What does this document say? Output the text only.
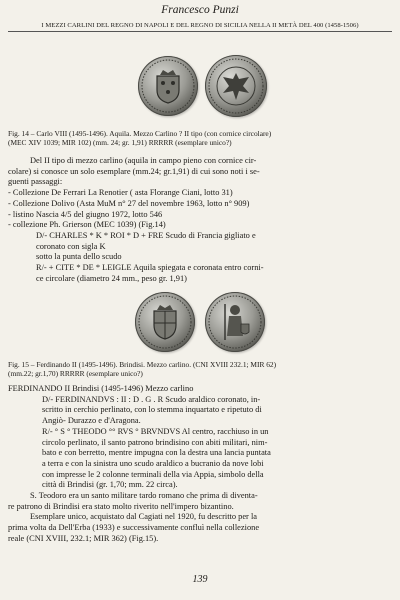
Francesco Punzi
I MEZZI CARLINI DEL REGNO DI NAPOLI E DEL REGNO DI SICILIA NELLA II METÀ DEL 400 (1458-1506)
Fig. 14 – Carlo VIII (1495-1496). Aquila. Mezzo Carlino ? II tipo (con cornice circolare)
(MEC XIV 1039; MIR 102) (mm. 24; gr. 1,91) RRRRR (esemplare unico?)
Del II tipo di mezzo carlino (aquila in campo pieno con cornice cir-
colare) si conosce un solo esemplare (mm.24; gr.1,91) di cui sono noti i se-
guenti passaggi:
- Collezione De Ferrari La Renotier ( asta Florange Ciani, lotto 31)
- Collezione Dolivo (Asta MuM n° 27 del novembre 1963, lotto n° 909)
- listino Nascia 4/5 del giugno 1972, lotto 546
- collezione Ph. Grierson (MEC 1039) (Fig.14)
D/- CHARLES * K * ROI * D + FRE Scudo di Francia gigliato e
coronato con sigla K
sotto la punta dello scudo
R/- + CITE * DE * LEIGLE Aquila spiegata e coronata entro corni-
ce circolare (diametro 24 mm., peso gr. 1,91)
Fig. 15 – Ferdinando II (1495-1496). Brindisi. Mezzo carlino. (CNI XVIII 232.1; MIR 62)
(mm.22; gr.1,70) RRRRR (esemplare unico?)
FERDINANDO II Brindisi (1495-1496) Mezzo carlino
D/- FERDINANDVS : II : D . G . R Scudo araldico coronato, in-
scritto in cerchio perlinato, con lo stemma inquartato e ripetuto di
Angiò- Durazzo e d'Aragona.
R/- ° S ° THEODO °° RVS ° BRVNDVS Al centro, racchiuso in un
circolo perlinato, il santo patrono brindisino con abiti militari, nim-
bato e con berretto, mentre impugna con la destra una lancia puntata
a terra e con la sinistra uno scudo araldico a bucranio da nove lobi
con impresse le 2 colonne terminali della via Appia, simbolo della
città di Brindisi (gr. 1,70; mm. 22 circa).
S. Teodoro era un santo militare tardo romano che prima di diventa-
re patrono di Brindisi era stato molto riverito nell'impero bizantino.
Esemplare unico, acquistato dal Cagiati nel 1920, fu descritto per la
prima volta da Dell'Erba (1933) e successivamente confluì nella collezione
reale (CNI XVIII, 232.1; MIR 362) (Fig.15).
139
